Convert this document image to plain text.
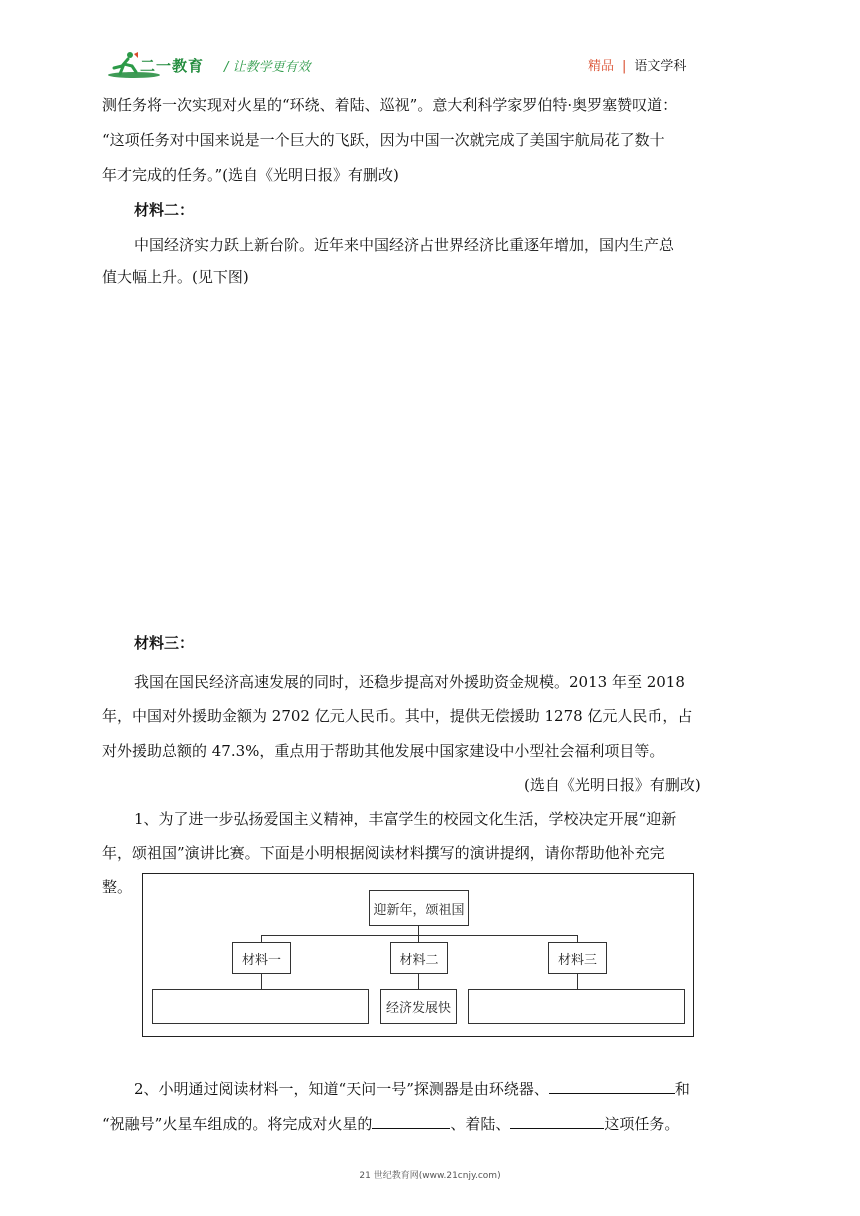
二一教育 / 让教学更有效	精品 | 语文学科
测任务将一次实现对火星的“环绕、着陆、巡视”。意大利科学家罗伯特·奥罗塞赞叹道：
“这项任务对中国来说是一个巨大的飞跃，因为中国一次就完成了美国宇航局花了数十
年才完成的任务。”(选自《光明日报》有删改)
材料二：
中国经济实力跃上新台阶。近年来中国经济占世界经济比重逐年增加，国内生产总
值大幅上升。(见下图)
材料三：
我国在国民经济高速发展的同时，还稳步提高对外援助资金规模。2013 年至 2018
年，中国对外援助金额为 2702 亿元人民币。其中，提供无偿援助 1278 亿元人民币，占
对外援助总额的 47.3%，重点用于帮助其他发展中国家建设中小型社会福利项目等。
(选自《光明日报》有删改)
1、为了进一步弘扬爱国主义精神，丰富学生的校园文化生活，学校决定开展“迎新
年，颂祖国”演讲比赛。下面是小明根据阅读材料撰写的演讲提纲，请你帮助他补充完
整。
迎新年，颂祖国
材料一	材料二	材料三
经济发展快
2、小明通过阅读材料一，知道“天问一号”探测器是由环绕器、	和
“祝融号”火星车组成的。将完成对火星的	、着陆、	这项任务。
21 世纪教育网(www.21cnjy.com)
